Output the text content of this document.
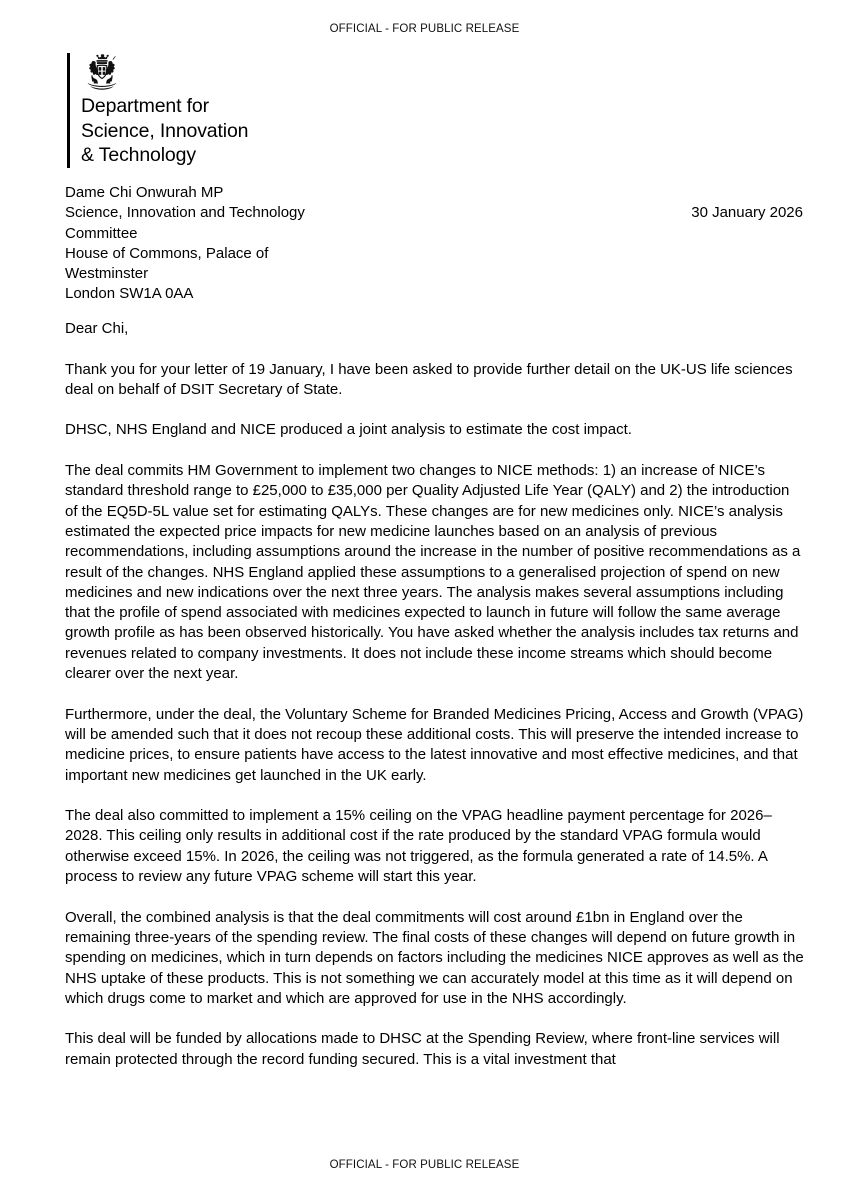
OFFICIAL - FOR PUBLIC RELEASE
Department for
Science, Innovation
& Technology
Dame Chi Onwurah MP
Science, Innovation and Technology
Committee
House of Commons, Palace of
Westminster
London SW1A 0AA
30 January 2026

Dear Chi,

Thank you for your letter of 19 January, I have been asked to provide further detail on the UK-US life sciences deal on behalf of DSIT Secretary of State.

DHSC, NHS England and NICE produced a joint analysis to estimate the cost impact.

The deal commits HM Government to implement two changes to NICE methods: 1) an increase of NICE’s standard threshold range to £25,000 to £35,000 per Quality Adjusted Life Year (QALY) and 2) the introduction of the EQ5D-5L value set for estimating QALYs. These changes are for new medicines only. NICE’s analysis estimated the expected price impacts for new medicine launches based on an analysis of previous recommendations, including assumptions around the increase in the number of positive recommendations as a result of the changes. NHS England applied these assumptions to a generalised projection of spend on new medicines and new indications over the next three years. The analysis makes several assumptions including that the profile of spend associated with medicines expected to launch in future will follow the same average growth profile as has been observed historically. You have asked whether the analysis includes tax returns and revenues related to company investments. It does not include these income streams which should become clearer over the next year.

Furthermore, under the deal, the Voluntary Scheme for Branded Medicines Pricing, Access and Growth (VPAG) will be amended such that it does not recoup these additional costs. This will preserve the intended increase to medicine prices, to ensure patients have access to the latest innovative and most effective medicines, and that important new medicines get launched in the UK early.

The deal also committed to implement a 15% ceiling on the VPAG headline payment percentage for 2026–2028. This ceiling only results in additional cost if the rate produced by the standard VPAG formula would otherwise exceed 15%. In 2026, the ceiling was not triggered, as the formula generated a rate of 14.5%. A process to review any future VPAG scheme will start this year.

Overall, the combined analysis is that the deal commitments will cost around £1bn in England over the remaining three-years of the spending review. The final costs of these changes will depend on future growth in spending on medicines, which in turn depends on factors including the medicines NICE approves as well as the NHS uptake of these products. This is not something we can accurately model at this time as it will depend on which drugs come to market and which are approved for use in the NHS accordingly.

This deal will be funded by allocations made to DHSC at the Spending Review, where front-line services will remain protected through the record funding secured. This is a vital investment that

OFFICIAL - FOR PUBLIC RELEASE
